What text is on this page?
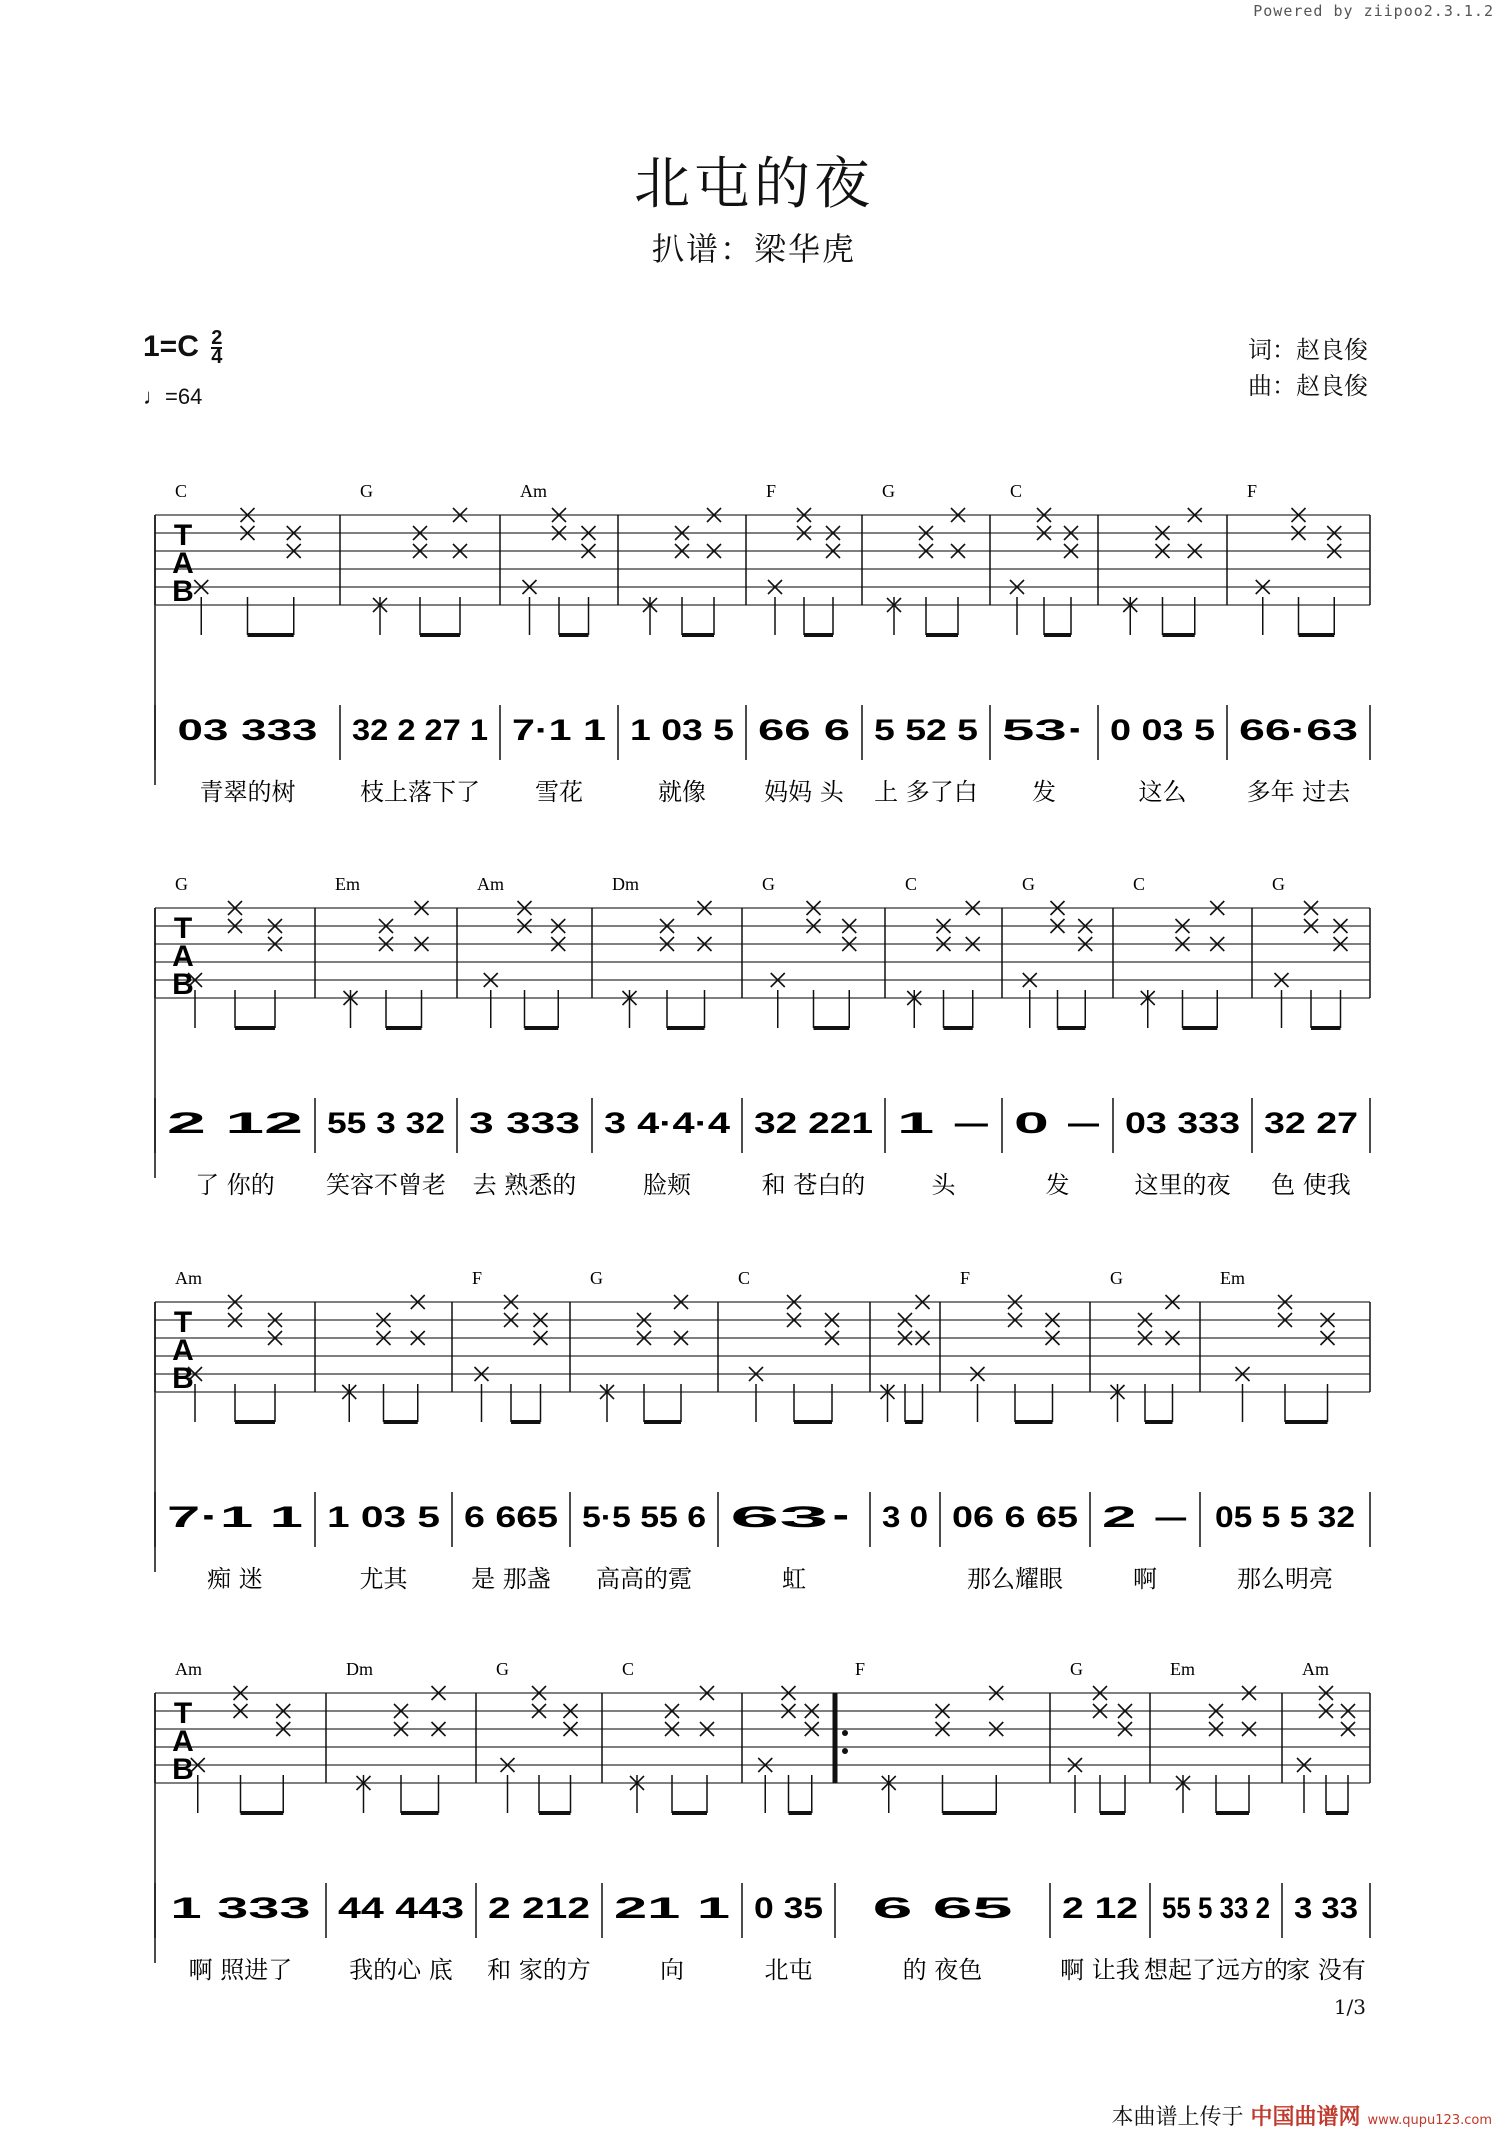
Powered by ziipoo2.3.1.2
北屯的夜
扒谱：梁华虎
$1=C \frac{2}{4}$
♩=64
词：赵良俊
曲：赵良俊
T
A
B
C
03 333
青翠的树
G
32 2 27 1
枝上落下了
Am
7·1 1
雪花
1 03 5
就像
F
66 6
妈妈 头
G
5 52 5
上 多了白
C
53·
发
0 03 5
这么
F
66·63
多年 过去
T
A
B
G
2 12
了 你的
Em
55 3 32
笑容不曾老
Am
3 333
去 熟悉的
Dm
3 4·4·4
脸颊
G
32 221
和 苍白的
C
1 –
头
G
0 –
发
C
03 333
这里的夜
G
32 27
色 使我
T
A
B
Am
7·1 1
痴 迷
1 03 5
尤其
F
6 665
是 那盏
G
5·5 55 6
高高的霓
C
63·
虹
3 0
F
06 6 65
那么耀眼
G
2 –
啊
Em
05 5 5 32
那么明亮
T
A
B
Am
1 333
啊 照进了
Dm
44 443
我的心 底
G
2 212
和 家的方
C
21 1
向
0 35
北屯
F
6 65
的 夜色
G
2 12
啊 让我
Em
55 5 33 2
想起了远方的
Am
3 33
家 没有
1/3
本曲谱上传于 中国曲谱网 www.qupu123.com
